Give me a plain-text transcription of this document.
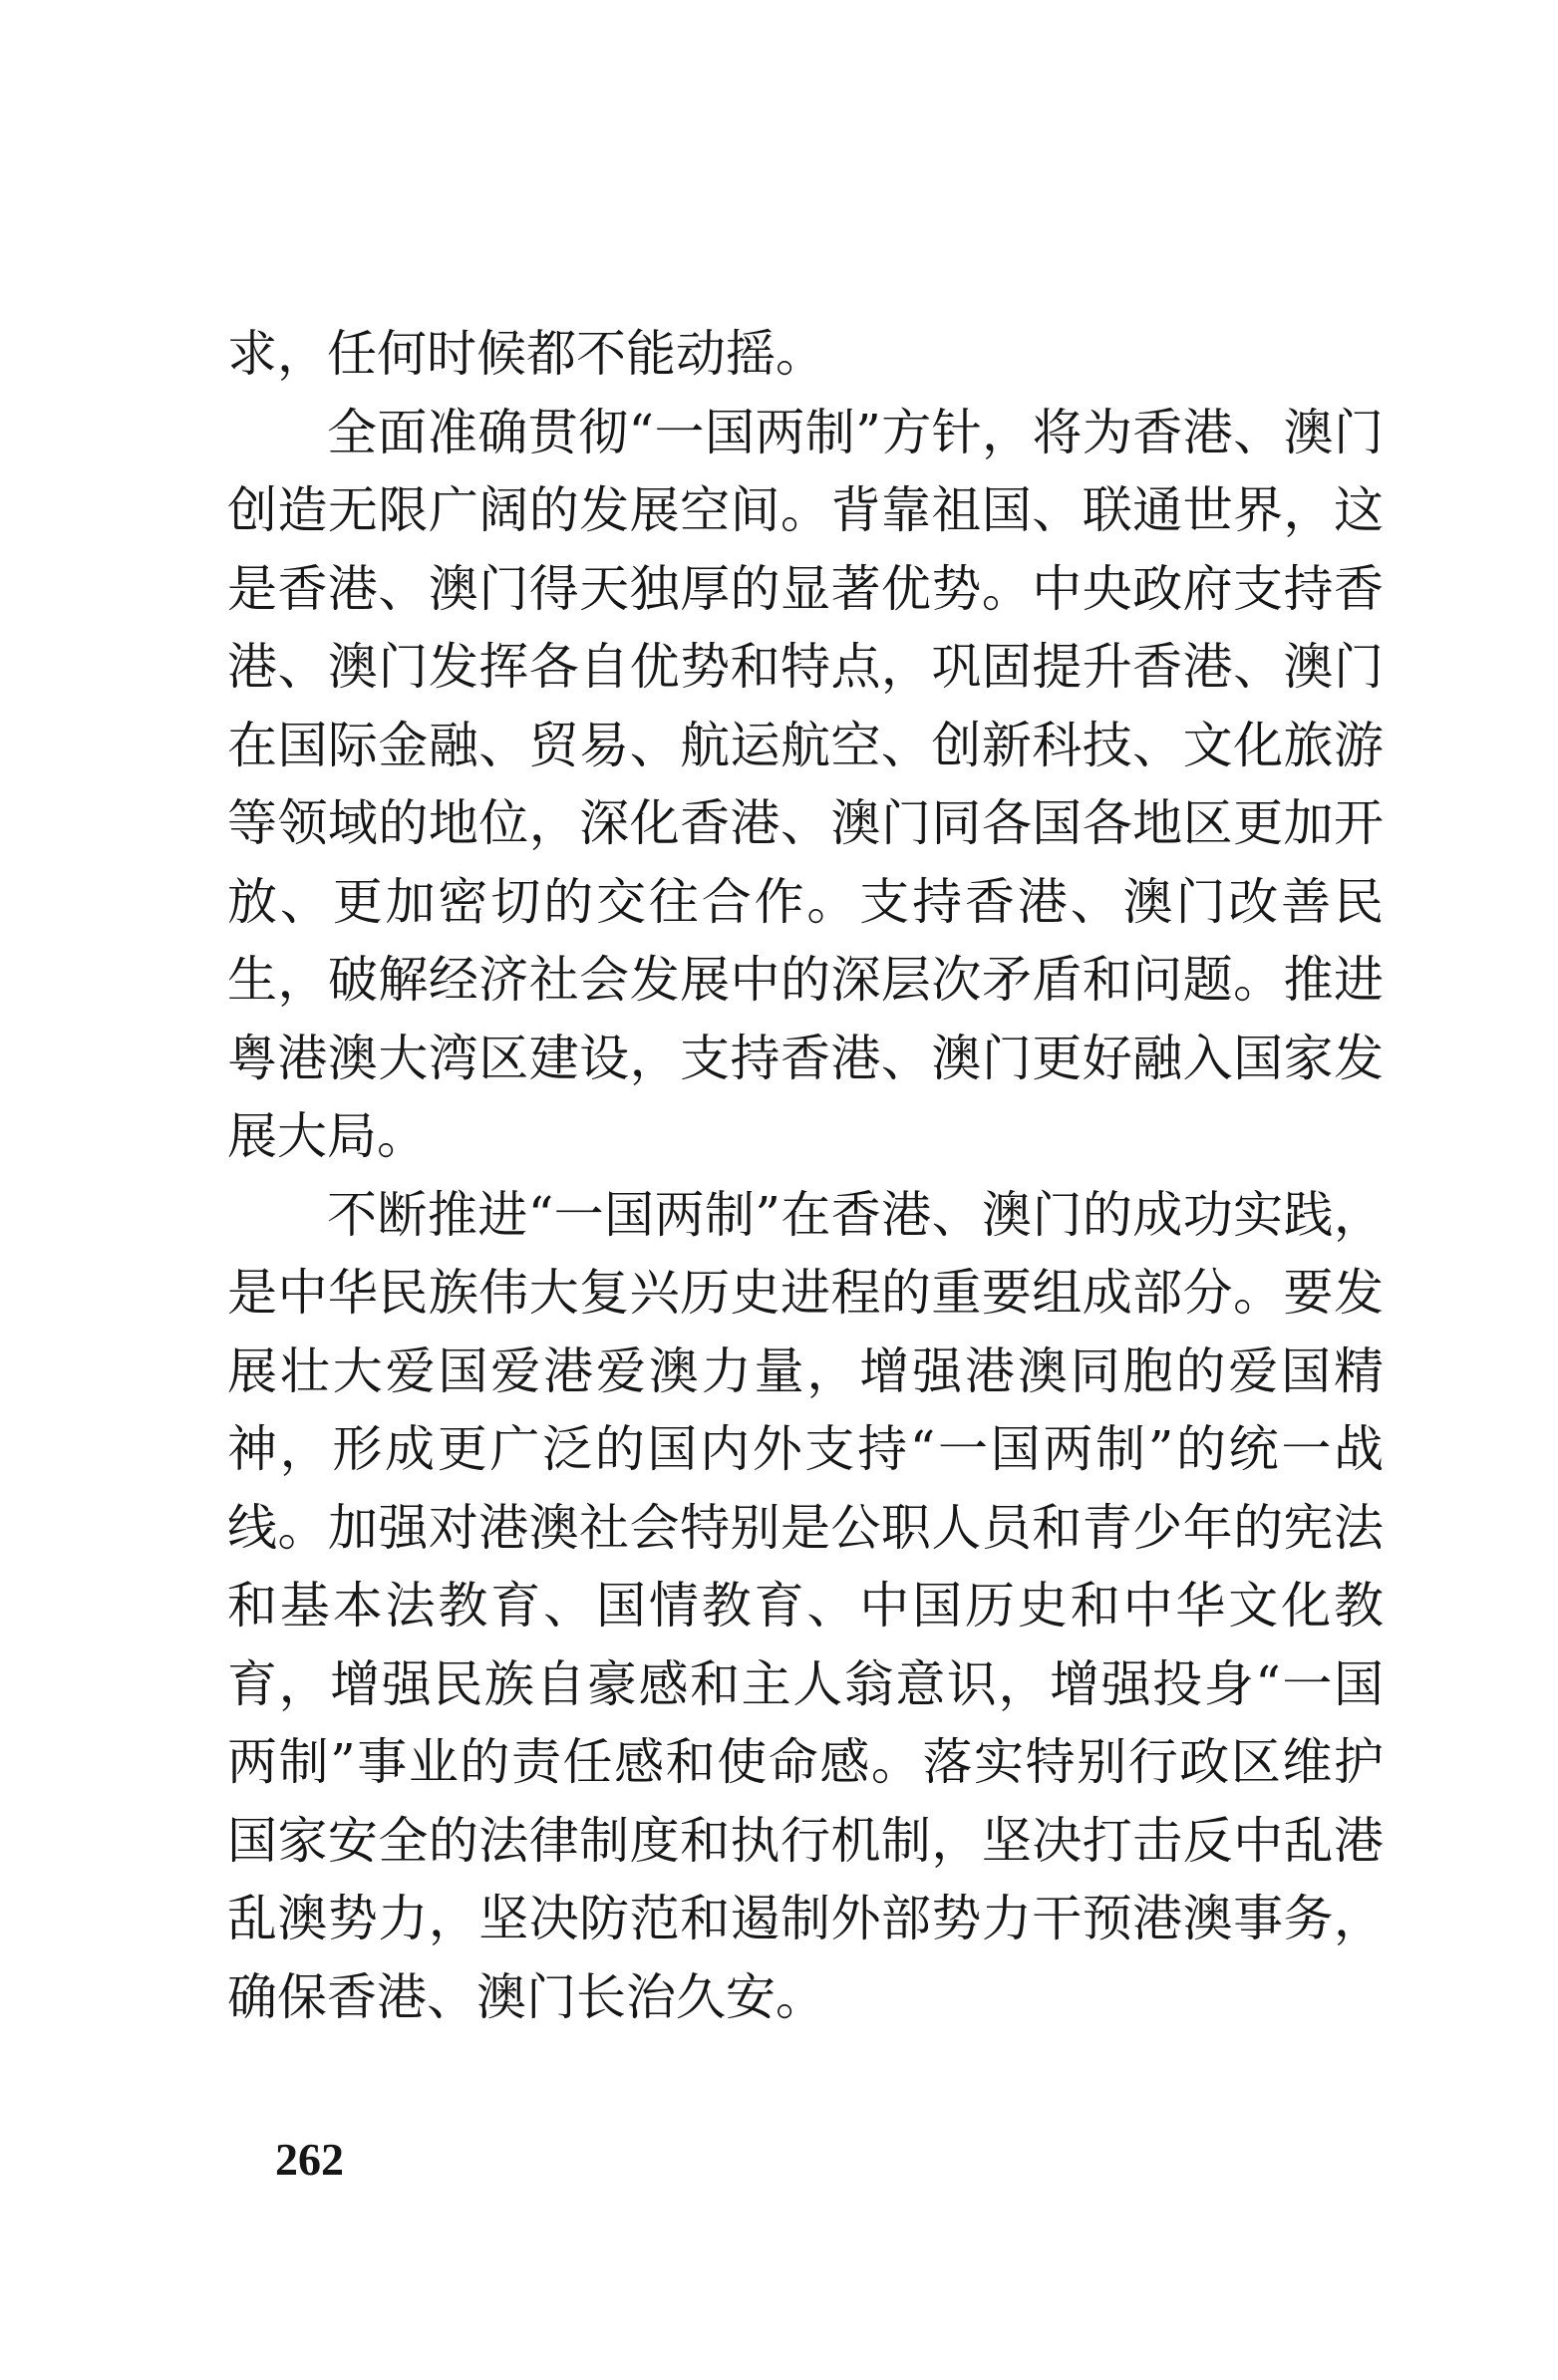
求，任何时候都不能动摇。

全面准确贯彻“一国两制”方针，将为香港、澳门创造无限广阔的发展空间。背靠祖国、联通世界，这是香港、澳门得天独厚的显著优势。中央政府支持香港、澳门发挥各自优势和特点，巩固提升香港、澳门在国际金融、贸易、航运航空、创新科技、文化旅游等领域的地位，深化香港、澳门同各国各地区更加开放、更加密切的交往合作。支持香港、澳门改善民生，破解经济社会发展中的深层次矛盾和问题。推进粤港澳大湾区建设，支持香港、澳门更好融入国家发展大局。

不断推进“一国两制”在香港、澳门的成功实践，是中华民族伟大复兴历史进程的重要组成部分。要发展壮大爱国爱港爱澳力量，增强港澳同胞的爱国精神，形成更广泛的国内外支持“一国两制”的统一战线。加强对港澳社会特别是公职人员和青少年的宪法和基本法教育、国情教育、中国历史和中华文化教育，增强民族自豪感和主人翁意识，增强投身“一国两制”事业的责任感和使命感。落实特别行政区维护国家安全的法律制度和执行机制，坚决打击反中乱港乱澳势力，坚决防范和遏制外部势力干预港澳事务，确保香港、澳门长治久安。

262
